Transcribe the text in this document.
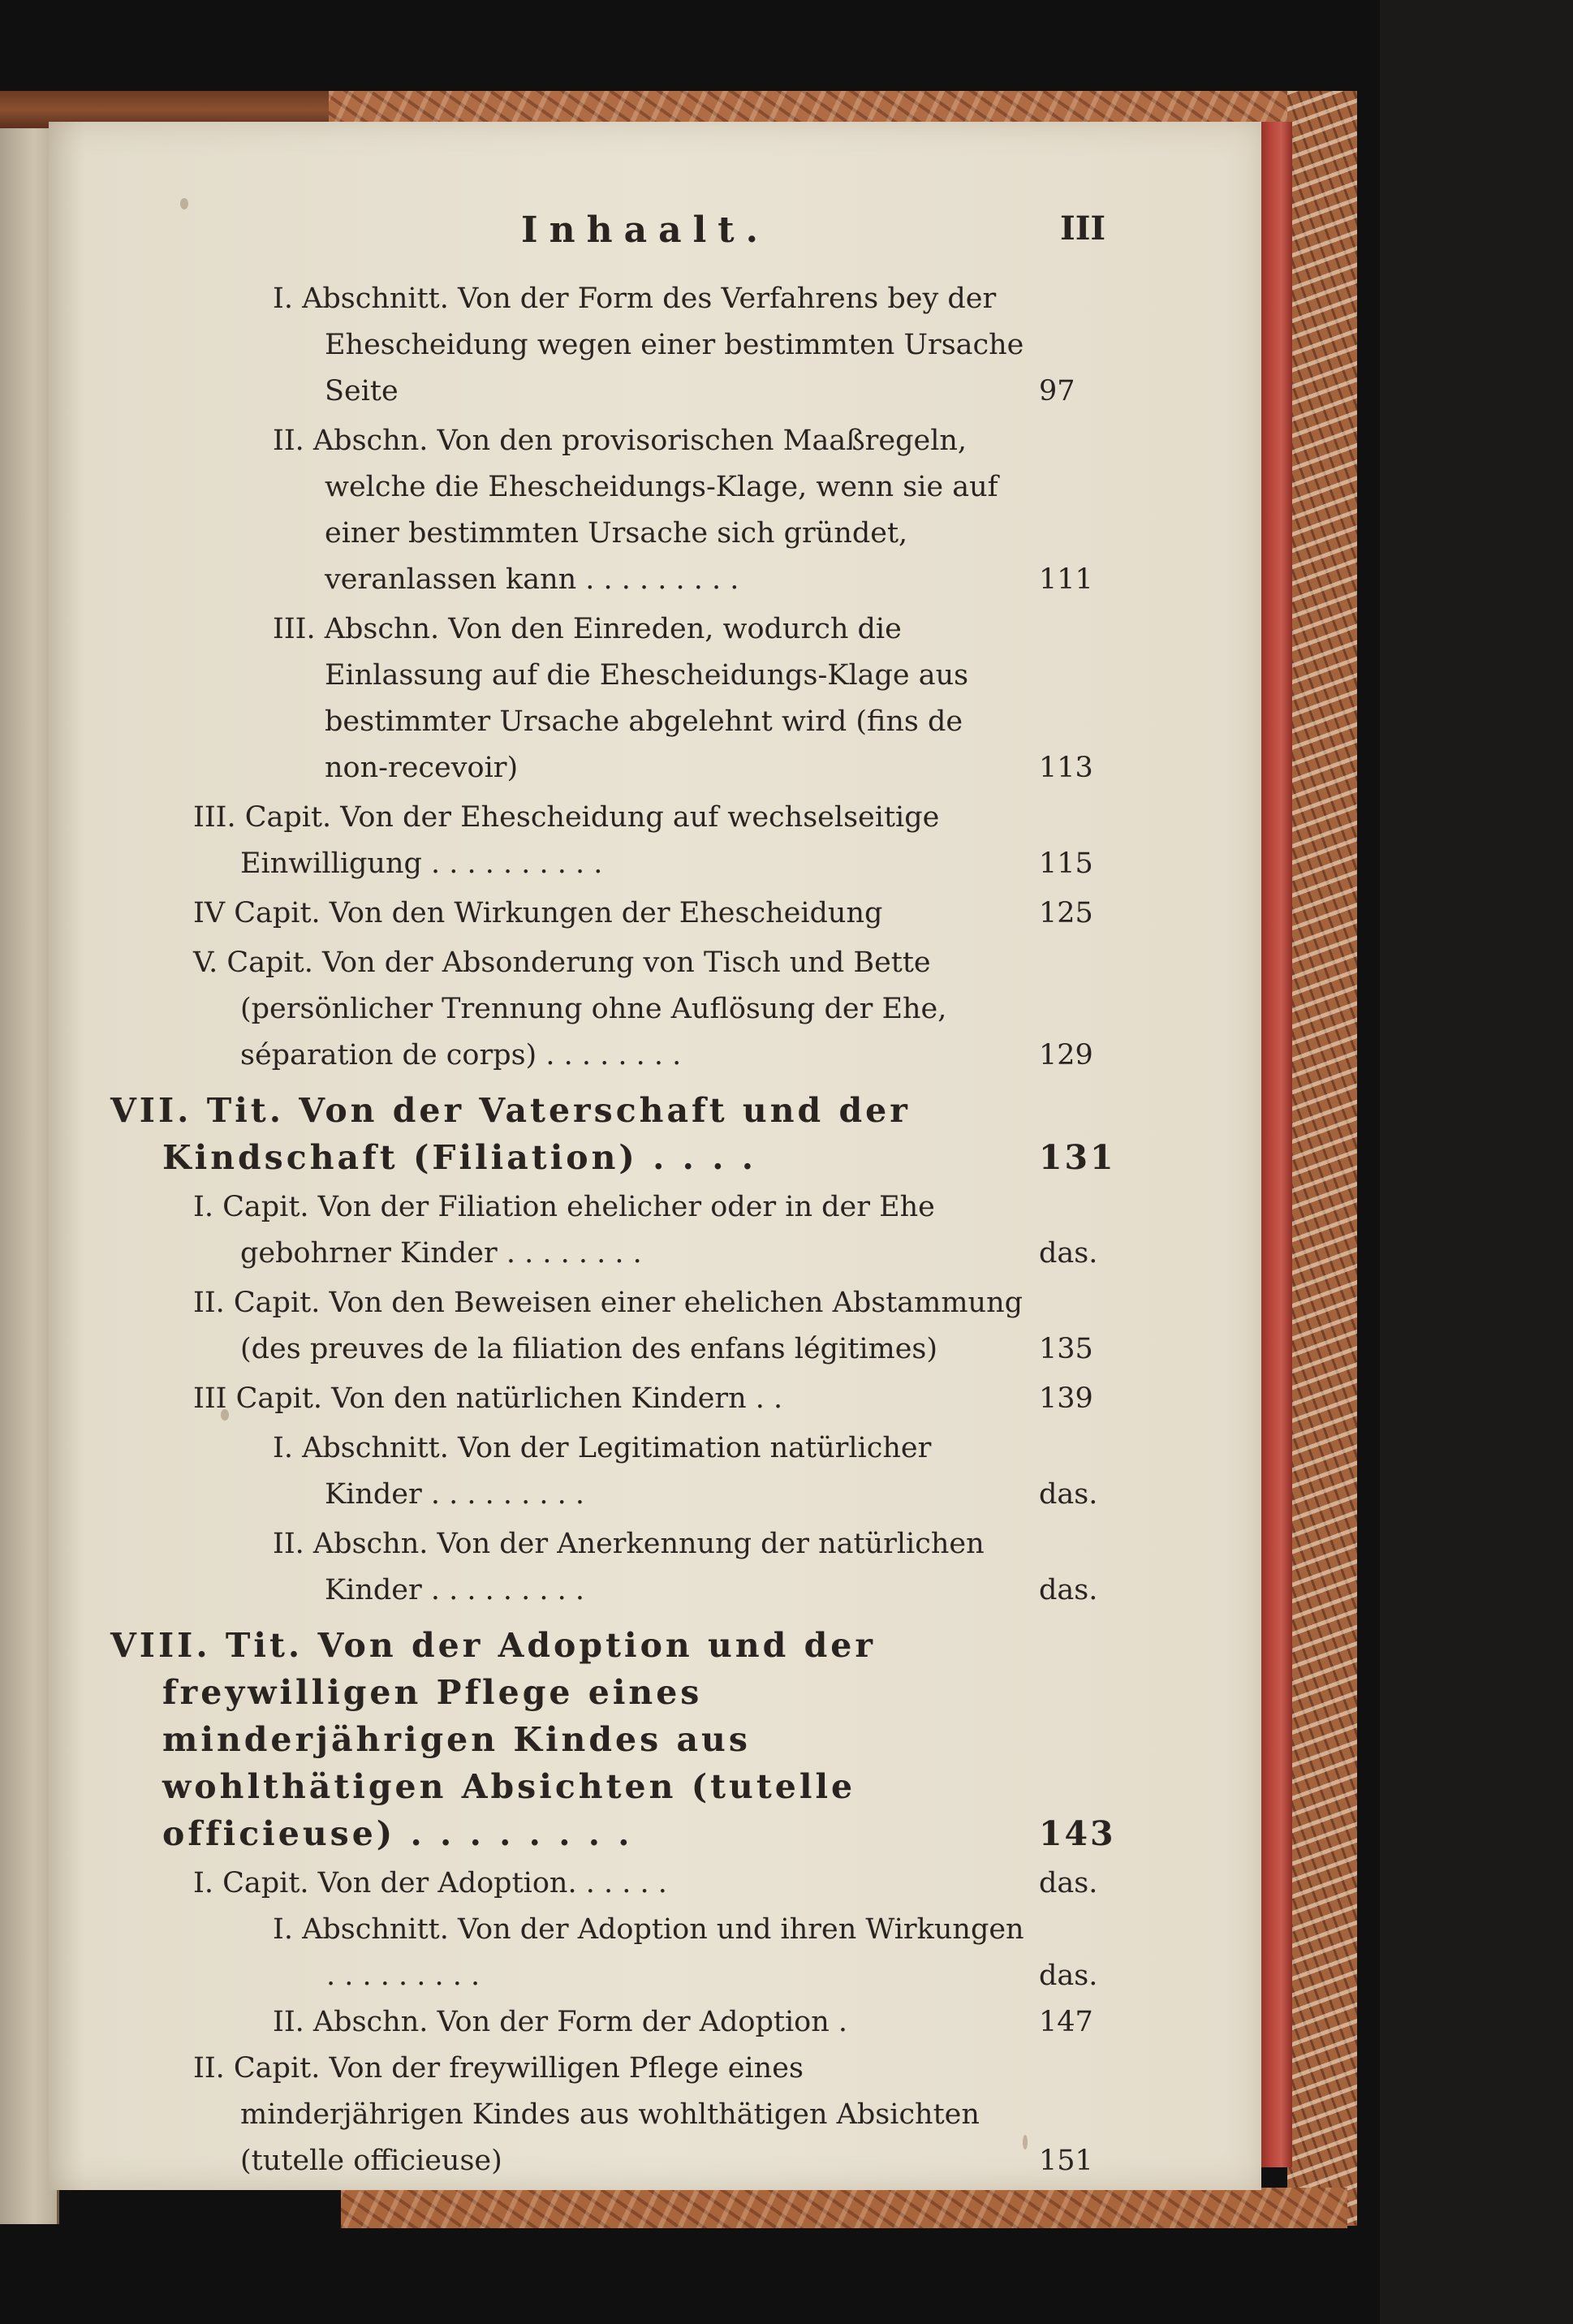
Inhaalt.	III
I. Abschnitt. Von der Form des Verfahrens bey der Ehescheidung wegen einer bestimmten Ursache Seite	97
II. Abschn. Von den provisorischen Maaßregeln, welche die Ehescheidungs-Klage, wenn sie auf einer bestimmten Ursache sich gründet, veranlassen kann . . . . . . . . .	111
III. Abschn. Von den Einreden, wodurch die Einlassung auf die Ehescheidungs-Klage aus bestimmter Ursache abgelehnt wird (fins de non-recevoir)	113
III. Capit. Von der Ehescheidung auf wechselseitige Einwilligung . . . . . . . . . .	115
IV Capit. Von den Wirkungen der Ehescheidung	125
V. Capit. Von der Absonderung von Tisch und Bette (persönlicher Trennung ohne Auflösung der Ehe, séparation de corps) . . . . . . . .	129
VII. Tit. Von der Vaterschaft und der Kindschaft (Filiation) . . . .	131
I. Capit. Von der Filiation ehelicher oder in der Ehe gebohrner Kinder . . . . . . . .	das.
II. Capit. Von den Beweisen einer ehelichen Abstammung (des preuves de la filiation des enfans légitimes)	135
III Capit. Von den natürlichen Kindern . .	139
I. Abschnitt. Von der Legitimation natürlicher Kinder . . . . . . . . .	das.
II. Abschn. Von der Anerkennung der natürlichen Kinder . . . . . . . . .	das.
VIII. Tit. Von der Adoption und der freywilligen Pflege eines minderjährigen Kindes aus wohlthätigen Absichten (tutelle officieuse) . . . . . . . .	143
I. Capit. Von der Adoption. . . . . .	das.
I. Abschnitt. Von der Adoption und ihren Wirkungen . . . . . . . . .	das.
II. Abschn. Von der Form der Adoption .	147
II. Capit. Von der freywilligen Pflege eines minderjährigen Kindes aus wohlthätigen Absichten (tutelle officieuse)	151
